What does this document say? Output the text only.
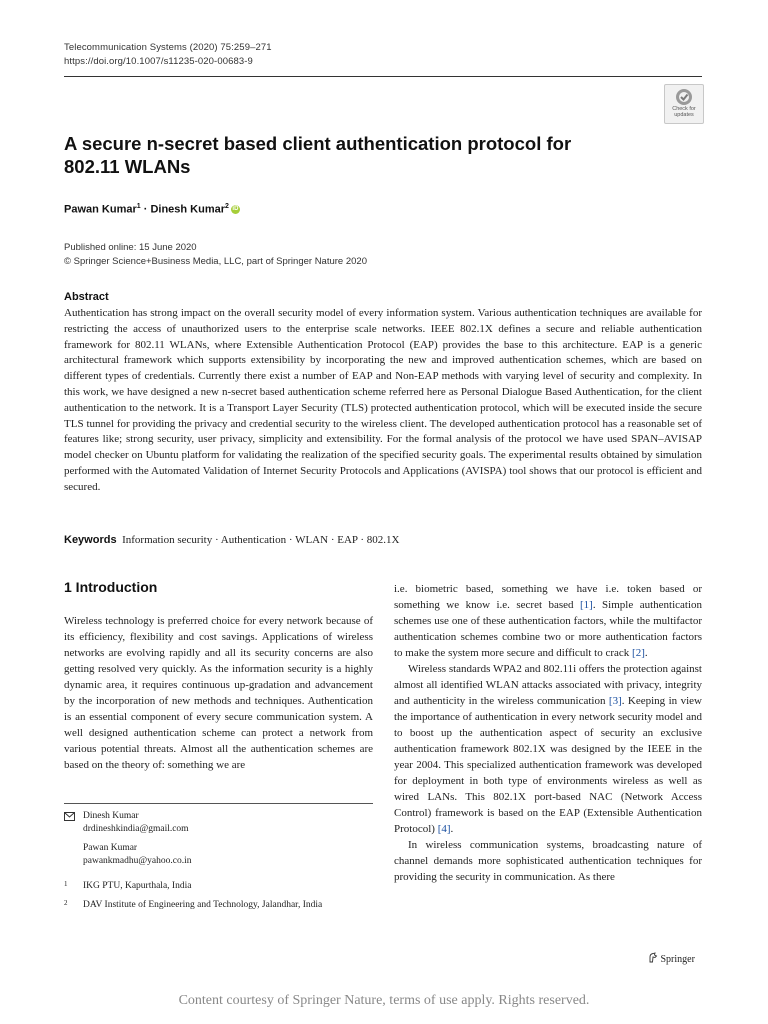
Telecommunication Systems (2020) 75:259–271
https://doi.org/10.1007/s11235-020-00683-9
Check for
updates
A secure n-secret based client authentication protocol for 802.11 WLANs
Pawan Kumar$^1$ · Dinesh Kumar$^2$ iD
Published online: 15 June 2020
© Springer Science+Business Media, LLC, part of Springer Nature 2020
Abstract
Authentication has strong impact on the overall security model of every information system. Various authentication techniques are available for restricting the access of unauthorized users to the enterprise scale networks. IEEE 802.1X defines a secure and reliable authentication framework for 802.11 WLANs, where Extensible Authentication Protocol (EAP) provides the base to this architecture. EAP is a generic architectural framework which supports extensibility by incorporating the new and improved authentication schemes, which are based on different types of credentials. Currently there exist a number of EAP and Non-EAP methods with varying level of security and complexity. In this work, we have designed a new n-secret based authentication scheme referred here as Personal Dialogue Based Authentication, for the client authentication to the network. It is a Transport Layer Security (TLS) protected authentication protocol, which will be executed inside the secure TLS tunnel for providing the privacy and credential security to the wireless client. The developed authentication protocol has a reasonable set of features like; strong security, user privacy, simplicity and extensibility. For the formal analysis of the protocol we have used SPAN–AVISAP model checker on Ubuntu platform for validating the realization of the specified security goals. The experimental results obtained by simulation performed with the Automated Validation of Internet Security Protocols and Applications (AVISPA) tool shows that our protocol is efficient and secured.
Keywords Information security · Authentication · WLAN · EAP · 802.1X
1 Introduction

Wireless technology is preferred choice for every network because of its efficiency, flexibility and cost savings. Applications of wireless networks are evolving rapidly and all its security concerns are also getting resolved very quickly. As the information security is a highly dynamic area, it requires continuous up-gradation and advancement by the incorporation of new methods and techniques. Authentication is an essential component of every secure communication system. A well designed authentication scheme can protect a network from various potential threats. Almost all the authentication schemes are based on the theory of: something we are

i.e. biometric based, something we have i.e. token based or something we know i.e. secret based [1]. Simple authentication schemes use one of these authentication factors, while the multifactor authentication schemes combine two or more authentication factors to make the system more secure and difficult to crack [2].

Wireless standards WPA2 and 802.11i offers the protection against almost all identified WLAN attacks associated with privacy, integrity and authenticity in the wireless communication [3]. Keeping in view the importance of authentication in every network security model and to boost up the authentication aspect of security an exclusive authentication framework 802.1X was designed by the IEEE in the year 2004. This specialized authentication framework was developed for deployment in both type of environments wireless as well as wired LANs. This 802.1X port-based NAC (Network Access Control) framework is based on the EAP (Extensible Authentication Protocol) [4].

In wireless communication systems, broadcasting nature of channel demands more sophisticated authentication techniques for providing the security in communication. As there

Dinesh Kumar
drdineshkindia@gmail.com
Pawan Kumar
pawankmadhu@yahoo.co.in
1 IKG PTU, Kapurthala, India
2 DAV Institute of Engineering and Technology, Jalandhar, India
Springer
Content courtesy of Springer Nature, terms of use apply. Rights reserved.
